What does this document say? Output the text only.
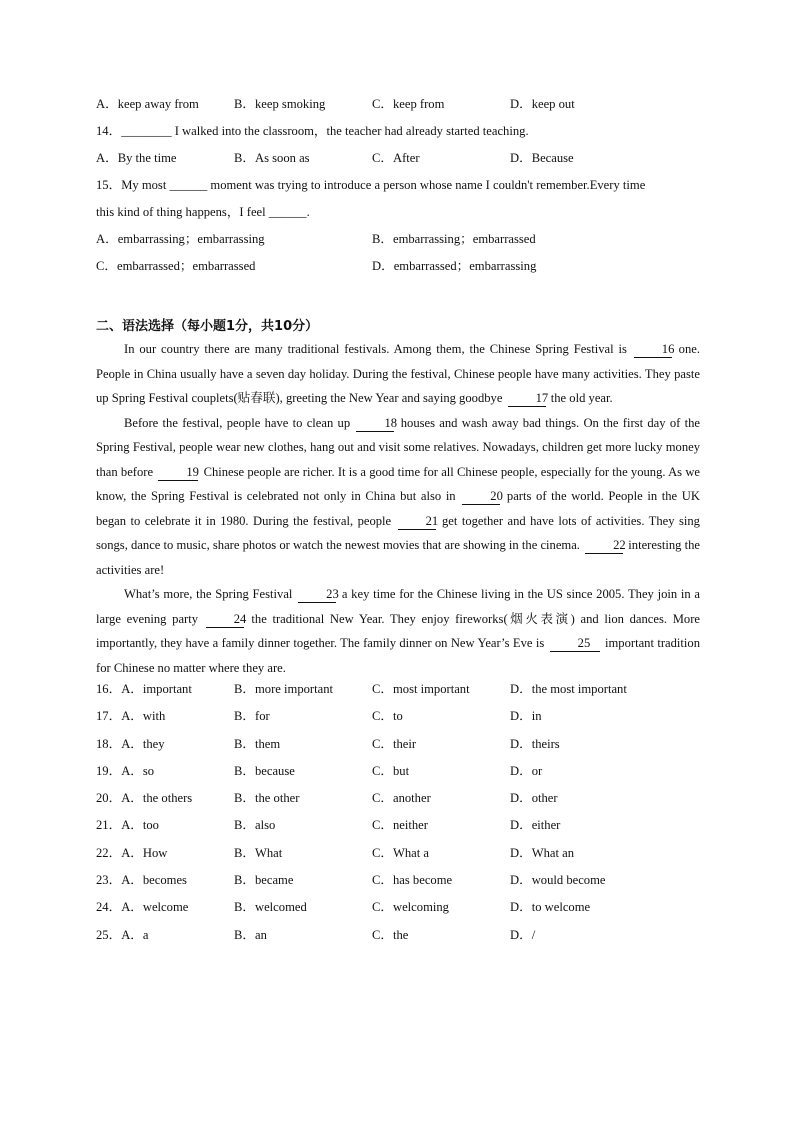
A．keep away from	B．keep smoking	C．keep from	D．keep out
14．________ I walked into the classroom，the teacher had already started teaching.
A．By the time	B．As soon as	C．After	D．Because
15．My most ______ moment was trying to introduce a person whose name I couldn't remember.Every time
this kind of thing happens，I feel ______.
A．embarrassing；embarrassing	B．embarrassing；embarrassed
C．embarrassed；embarrassed	D．embarrassed；embarrassing
二、语法选择（每小题1分，共10分）
In our country there are many traditional festivals. Among them, the Chinese Spring Festival is 16 one. People in China usually have a seven day holiday. During the festival, Chinese people have many activities. They paste up Spring Festival couplets(贴春联), greeting the New Year and saying goodbye 17 the old year.
Before the festival, people have to clean up 18 houses and wash away bad things. On the first day of the Spring Festival, people wear new clothes, hang out and visit some relatives. Nowadays, children get more lucky money than before 19 Chinese people are richer. It is a good time for all Chinese people, especially for the young. As we know, the Spring Festival is celebrated not only in China but also in 20 parts of the world. People in the UK began to celebrate it in 1980. During the festival, people 21 get together and have lots of activities. They sing songs, dance to music, share photos or watch the newest movies that are showing in the cinema. 22 interesting the activities are!
What’s more, the Spring Festival 23 a key time for the Chinese living in the US since 2005. They join in a large evening party 24 the traditional New Year. They enjoy fireworks(烟火表演) and lion dances. More importantly, they have a family dinner together. The family dinner on New Year’s Eve is 25 important tradition for Chinese no matter where they are.
16．A．important	B．more important	C．most important	D．the most important
17．A．with	B．for	C．to	D．in
18．A．they	B．them	C．their	D．theirs
19．A．so	B．because	C．but	D．or
20．A．the others	B．the other	C．another	D．other
21．A．too	B．also	C．neither	D．either
22．A．How	B．What	C．What a	D．What an
23．A．becomes	B．became	C．has become	D．would become
24．A．welcome	B．welcomed	C．welcoming	D．to welcome
25．A．a	B．an	C．the	D．/
